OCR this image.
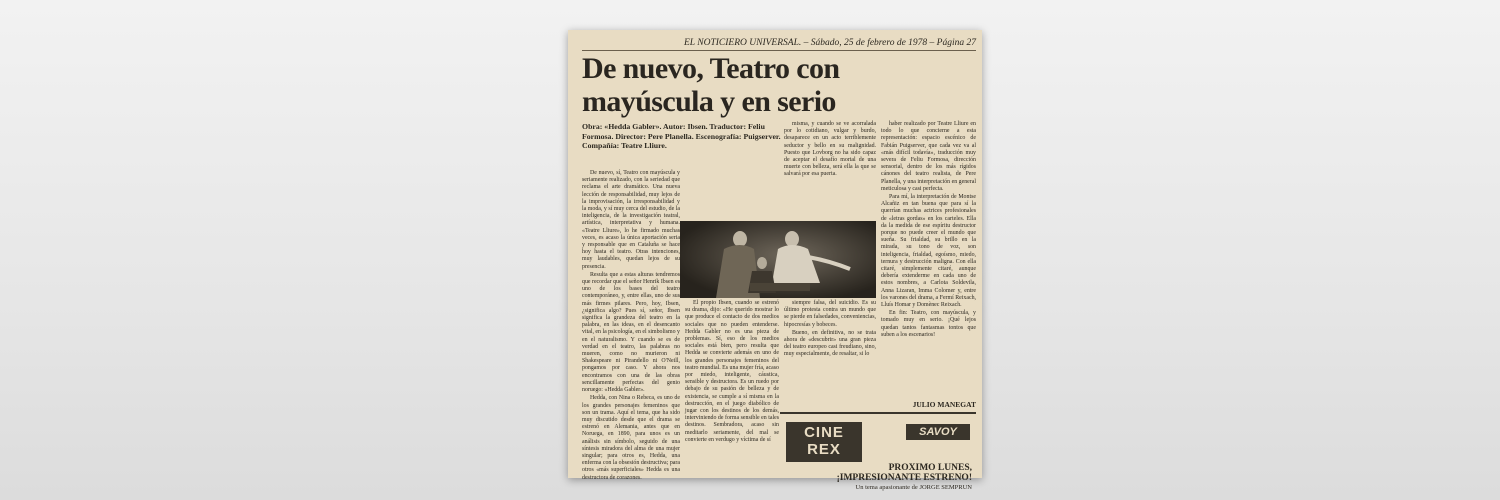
EL NOTICIERO UNIVERSAL. – Sábado, 25 de febrero de 1978 – Página 27
De nuevo, Teatro con mayúscula y en serio

Obra: «Hedda Gabler». Autor: Ibsen. Traductor: Feliu Formosa. Director: Pere Planella. Escenografía: Puigserver. Compañía: Teatre Lliure.

De nuevo, sí, Teatro con mayúscula y seriamente realizado, con la seriedad que reclama el arte dramático. Una nueva lección de responsabilidad, muy lejos de la improvisación, la irresponsabilidad y la moda, y sí muy cerca del estudio, de la inteligencia, de la investigación teatral, artística, interpretativa y humana. «Teatre Lliure», lo he firmado muchas veces, es acaso la única aportación seria y responsable que en Cataluña se hace hoy hasta el teatro. Otras intenciones, muy laudables, quedan lejos de su presencia.

Resulta que a estas alturas tendremos que recordar que el señor Henrik Ibsen es uno de los bases del teatro contemporáneo, y, entre ellas, uno de sus más firmes pilares. Pero, hoy, Ibsen, ¿significa algo? Pues sí, señor, Ibsen significa la grandeza del teatro en la palabra, en las ideas, en el desencanto vital, en la psicología, en el simbolismo y en el naturalismo. Y cuando se es de verdad en el teatro, las palabras no mueren, como no murieron ni Shakespeare ni Pirandello ni O'Neill, pongamos por caso. Y ahora nos encontramos con una de las obras sencillamente perfectas del genio noruego: «Hedda Gabler».

Hedda, con Nina o Rebeca, es uno de los grandes personajes femeninos que son un trama. Aquí el tema, que ha sido muy discutido desde que el drama se estrenó en Alemania, antes que en Noruega, en 1890, para unos es un análisis sin símbolo, seguido de una síntesis miradora del alma de una mujer singular; para otros es, Hedda, una enferma con la obsesión destructiva; para otros «más superficiales» Hedda es una destructora de corazones.

misma, y cuando se ve acorralada por lo cotidiano, vulgar y burdo, desaparece en un acto terriblemente seductor y bello en su malignidad. Puesto que Lovborg no ha sido capaz de aceptar el desafío mortal de una muerte con belleza, será ella la que se salvará por esa puerta.

haber realizado por Teatre Lliure en todo lo que concierne a esta representación: espacio escénico de Fabián Puigserver, que cada vez va al «más difícil todavía», traducción muy severa de Feliu Formosa, dirección sensorial, dentro de los más rígidos cánones del teatro realista, de Pere Planella, y una interpretación en general meticulosa y casi perfecta.

Para mí, la interpretación de Montse Alcañiz en tan buena que para sí la querrían muchas actrices profesionales de «letras gordas» en los carteles. Ella da la medida de ese espíritu destructor porque no puede creer el mundo que sueña. Su frialdad, su brillo en la mirada, su tono de voz, son inteligencia, frialdad, egoísmo, miedo, ternura y destrucción maligna. Con ella citaré, simplemente citaré, aunque debería extenderme en cada uno de estos nombres, a Carlota Soldevila, Anna Lizaran, Imma Colomer y, entre los varones del drama, a Fermí Reixach, Lluís Homar y Domènec Reixach.

En fin: Teatro, con mayúscula, y tomado muy en serio. ¡Qué lejos quedan tantos fantasmas tontos que suben a los escenarios!

El propio Ibsen, cuando se estrenó su drama, dijo: «He querido mostrar lo que produce el contacto de dos medios sociales que no pueden entenderse. Hedda Gabler no es una pieza de problemas. Sí, eso de los medios sociales está bien, pero resulta que Hedda se convierte además en uno de los grandes personajes femeninos del teatro mundial. Es una mujer fría, acaso por miedo, inteligente, cáustica, sensible y destructora. Es un ruedo por debajo de su pasión de belleza y de existencia, se cumple a sí misma en la destrucción, en el juego diabólico de jugar con los destinos de los demás, interviniendo de forma sensible en tales destinos. Sembradora, acaso sin meditarlo seriamente, del mal se convierte en verdugo y víctima de sí

siempre falsa, del suicidio. Es su último protesta contra un mundo que se pierde en falsedades, conveniencias, hipocresías y bobeces.

Bueno, en definitiva, no se trata ahora de «descubrir» una gran pieza del teatro europeo casi freudiano, sino, muy especialmente, de resaltar, si lo

JULIO MANEGAT
CINE
REX
SAVOY
PROXIMO LUNES,
¡IMPRESIONANTE ESTRENO!
Un tema apasionante de JORGE SEMPRUN
